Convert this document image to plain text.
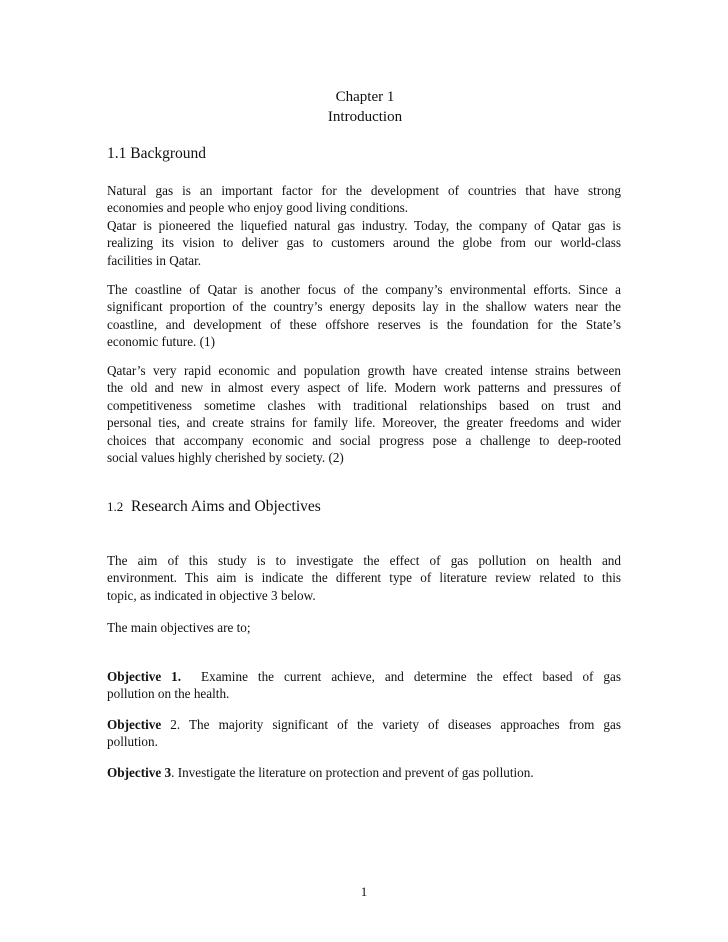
Chapter 1
Introduction
1.1 Background
Natural gas is an important factor for the development of countries that have strong
economies and people who enjoy good living conditions.
Qatar is pioneered the liquefied natural gas industry. Today, the company of Qatar gas is
realizing its vision to deliver gas to customers around the globe from our world-class
facilities in Qatar.
The coastline of Qatar is another focus of the company’s environmental efforts. Since a
significant proportion of the country’s energy deposits lay in the shallow waters near the
coastline, and development of these offshore reserves is the foundation for the State’s
economic future. (1)
Qatar’s very rapid economic and population growth have created intense strains between
the old and new in almost every aspect of life. Modern work patterns and pressures of
competitiveness sometime clashes with traditional relationships based on trust and
personal ties, and create strains for family life. Moreover, the greater freedoms and wider
choices that accompany economic and social progress pose a challenge to deep-rooted
social values highly cherished by society. (2)
1.2 Research Aims and Objectives
The aim of this study is to investigate the effect of gas pollution on health and
environment. This aim is indicate the different type of literature review related to this
topic, as indicated in objective 3 below.
The main objectives are to;
Objective 1. Examine the current achieve, and determine the effect based of gas
pollution on the health.
Objective 2. The majority significant of the variety of diseases approaches from gas
pollution.
Objective 3. Investigate the literature on protection and prevent of gas pollution.
1
